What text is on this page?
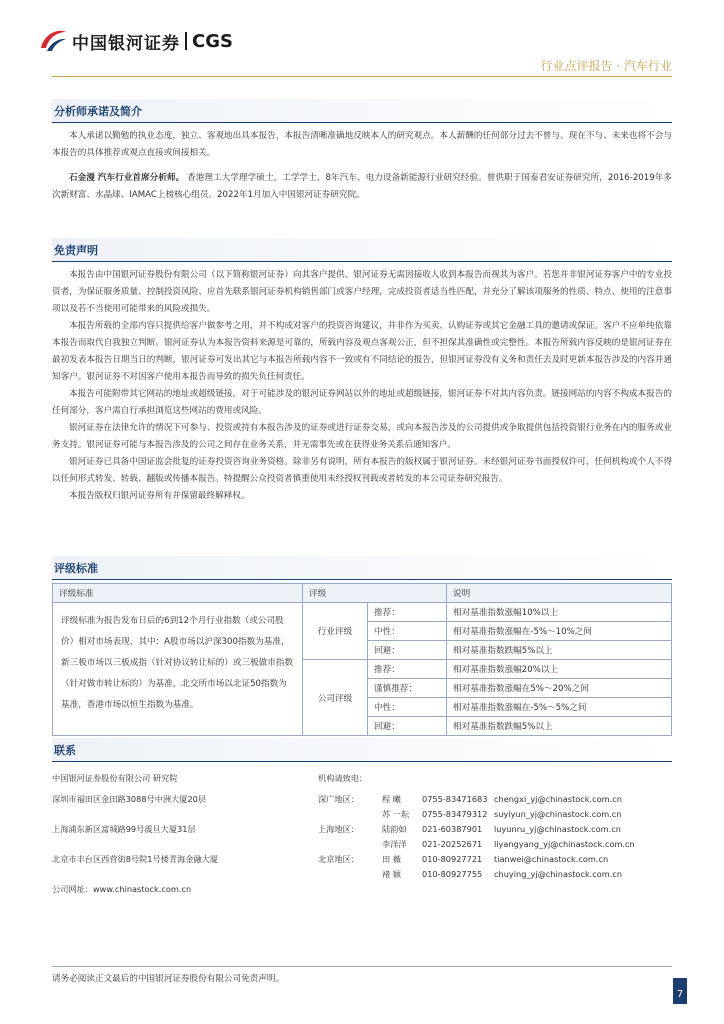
中国银河证券 CGS
行业点评报告 · 汽车行业
分析师承诺及简介

本人承诺以勤勉的执业态度，独立、客观地出具本报告，本报告清晰准确地反映本人的研究观点。本人薪酬的任何部分过去不曾与、现在不与、未来也将不会与本报告的具体推荐或观点直接或间接相关。

石金漫 汽车行业首席分析师。 香港理工大学理学硕士，工学学士，8年汽车、电力设备新能源行业研究经验。曾供职于国泰君安证券研究所，2016-2019年多次新财富、水晶球、IAMAC上榜核心组员。2022年1月加入中国银河证券研究院。

免责声明

本报告由中国银河证券股份有限公司（以下简称银河证券）向其客户提供。银河证券无需因接收人收到本报告而视其为客户。若您并非银河证券客户中的专业投资者，为保证服务质量、控制投资风险、应首先联系银河证券机构销售部门或客户经理，完成投资者适当性匹配，并充分了解该项服务的性质、特点、使用的注意事项以及若不当使用可能带来的风险或损失。

本报告所载的全部内容只提供给客户做参考之用，并不构成对客户的投资咨询建议，并非作为买卖、认购证券或其它金融工具的邀请或保证。客户不应单纯依靠本报告而取代自我独立判断。银河证券认为本报告资料来源是可靠的，所载内容及观点客观公正，但不担保其准确性或完整性。本报告所载内容反映的是银河证券在最初发表本报告日期当日的判断，银河证券可发出其它与本报告所载内容不一致或有不同结论的报告，但银河证券没有义务和责任去及时更新本报告涉及的内容并通知客户。银河证券不对因客户使用本报告而导致的损失负任何责任。

本报告可能附带其它网站的地址或超级链接，对于可能涉及的银河证券网站以外的地址或超级链接，银河证券不对其内容负责。链接网站的内容不构成本报告的任何部分，客户需自行承担浏览这些网站的费用或风险。

银河证券在法律允许的情况下可参与、投资或持有本报告涉及的证券或进行证券交易，或向本报告涉及的公司提供或争取提供包括投资银行业务在内的服务或业务支持。银河证券可能与本报告涉及的公司之间存在业务关系，并无需事先或在获得业务关系后通知客户。

银河证券已具备中国证监会批复的证券投资咨询业务资格。除非另有说明，所有本报告的版权属于银河证券。未经银河证券书面授权许可，任何机构或个人不得以任何形式转发、转载、翻版或传播本报告。特提醒公众投资者慎重使用未经授权刊载或者转发的本公司证券研究报告。

本报告版权归银河证券所有并保留最终解释权。

评级标准
评级标准	评级		说明
评级标准为报告发布日后的6到12个月行业指数（或公司股价）相对市场表现，其中：A股市场以沪深300指数为基准，新三板市场以三板成指（针对协议转让标的）或三板做市指数（针对做市转让标的）为基准，北交所市场以北证50指数为基准，香港市场以恒生指数为基准。	行业评级	推荐：	相对基准指数涨幅10%以上
		中性：	相对基准指数涨幅在-5%～10%之间
		回避：	相对基准指数跌幅5%以上
	公司评级	推荐：	相对基准指数涨幅20%以上
		谨慎推荐：	相对基准指数涨幅在5%～20%之间
		中性：	相对基准指数涨幅在-5%～5%之间
		回避：	相对基准指数跌幅5%以上
联系
中国银河证券股份有限公司 研究院
深圳市福田区金田路3088号中洲大厦20层
上海浦东新区富城路99号震旦大厦31层
北京市丰台区西营街8号院1号楼青海金融大厦
公司网址：www.chinastock.com.cn
机构请致电：
深广地区：	程 曦	0755-83471683 chengxi_yj@chinastock.com.cn
苏 一耘 0755-83479312 suyiyun_yj@chinastock.com.cn
上海地区：	陆韵如 021-60387901 luyunru_yj@chinastock.com.cn
李洋洋 021-20252671 liyangyang_yj@chinastock.com.cn
北京地区：	田 薇	010-80927721 tianwei@chinastock.com.cn
褚 颖	010-80927755 chuying_yj@chinastock.com.cn
请务必阅读正文最后的中国银河证券股份有限公司免责声明。
7
